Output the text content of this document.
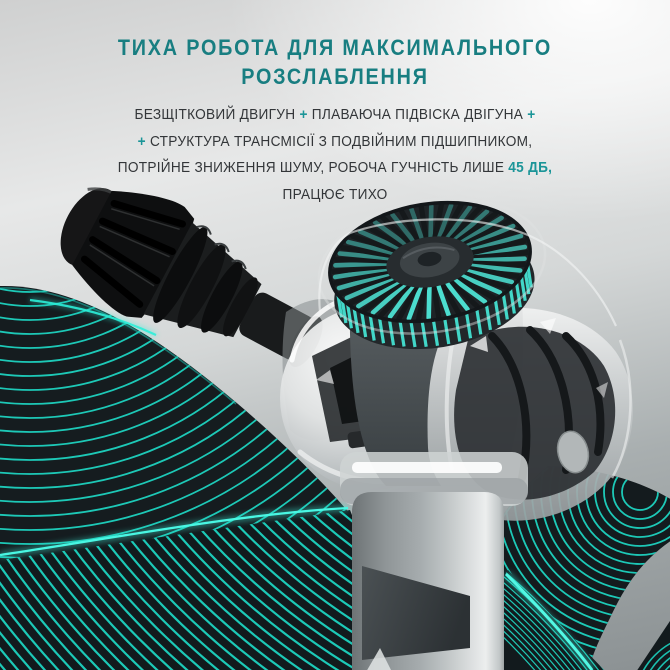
ТИХА РОБОТА ДЛЯ МАКСИМАЛЬНОГО
РОЗСЛАБЛЕННЯ

БЕЗЩІТКОВИЙ ДВИГУН + ПЛАВАЮЧА ПІДВІСКА ДВІГУНА +
+ СТРУКТУРА ТРАНСМІСІЇ З ПОДВІЙНИМ ПІДШИПНИКОМ,
ПОТРІЙНЕ ЗНИЖЕННЯ ШУМУ, РОБОЧА ГУЧНІСТЬ ЛИШЕ 45 ДБ,
ПРАЦЮЄ ТИХО
